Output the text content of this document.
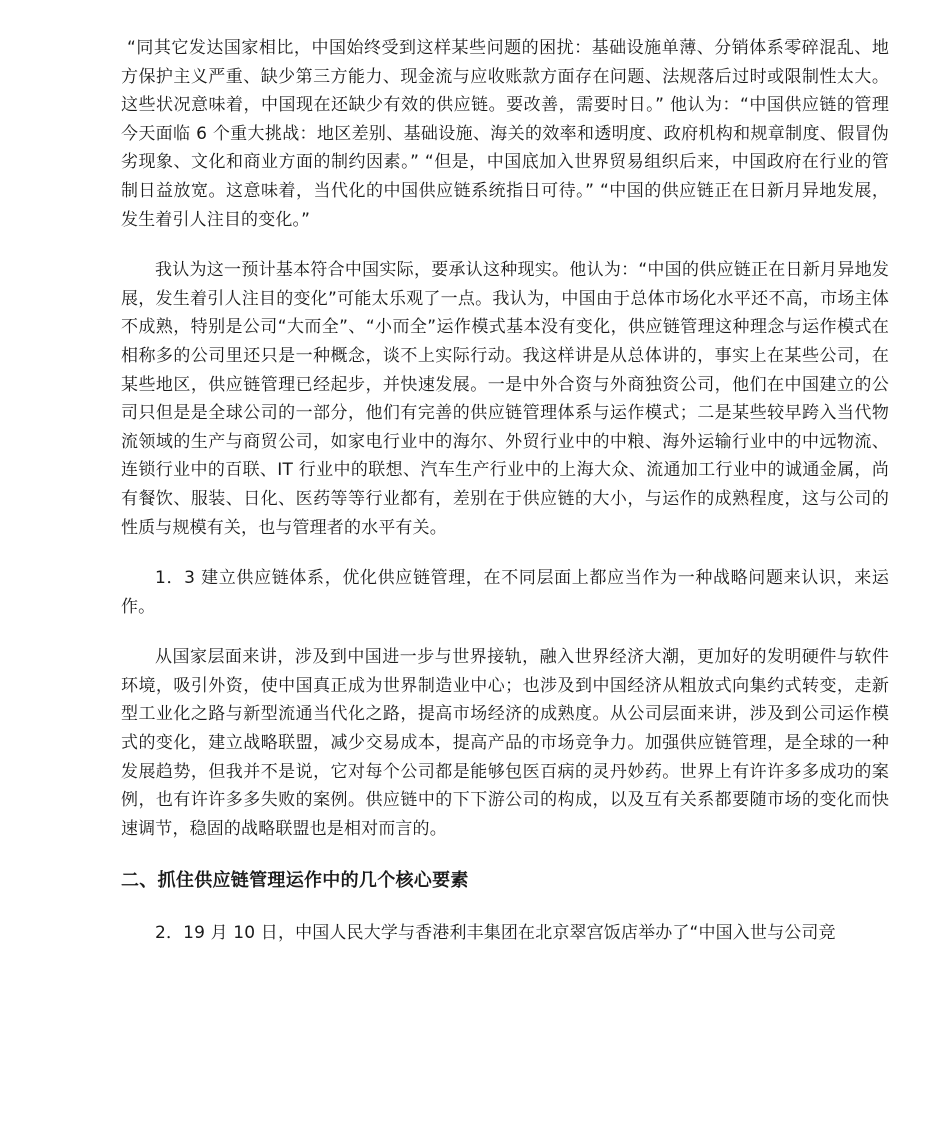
“同其它发达国家相比，中国始终受到这样某些问题的困扰：基础设施单薄、分销体系零碎混乱、地方保护主义严重、缺少第三方能力、现金流与应收账款方面存在问题、法规落后过时或限制性太大。这些状况意味着，中国现在还缺少有效的供应链。要改善，需要时日。” 他认为：“中国供应链的管理今天面临 6 个重大挑战：地区差别、基础设施、海关的效率和透明度、政府机构和规章制度、假冒伪劣现象、文化和商业方面的制约因素。” “但是，中国底加入世界贸易组织后来，中国政府在行业的管制日益放宽。这意味着，当代化的中国供应链系统指日可待。” “中国的供应链正在日新月异地发展，发生着引人注目的变化。”

我认为这一预计基本符合中国实际，要承认这种现实。他认为：“中国的供应链正在日新月异地发展，发生着引人注目的变化”可能太乐观了一点。我认为，中国由于总体市场化水平还不高，市场主体不成熟，特别是公司“大而全”、“小而全”运作模式基本没有变化，供应链管理这种理念与运作模式在相称多的公司里还只是一种概念，谈不上实际行动。我这样讲是从总体讲的，事实上在某些公司，在某些地区，供应链管理已经起步，并快速发展。一是中外合资与外商独资公司，他们在中国建立的公司只但是是全球公司的一部分，他们有完善的供应链管理体系与运作模式；二是某些较早跨入当代物流领域的生产与商贸公司，如家电行业中的海尔、外贸行业中的中粮、海外运输行业中的中远物流、连锁行业中的百联、IT 行业中的联想、汽车生产行业中的上海大众、流通加工行业中的诚通金属，尚有餐饮、服装、日化、医药等等行业都有，差别在于供应链的大小，与运作的成熟程度，这与公司的性质与规模有关，也与管理者的水平有关。

1．3 建立供应链体系，优化供应链管理，在不同层面上都应当作为一种战略问题来认识，来运作。

从国家层面来讲，涉及到中国进一步与世界接轨，融入世界经济大潮，更加好的发明硬件与软件环境，吸引外资，使中国真正成为世界制造业中心；也涉及到中国经济从粗放式向集约式转变，走新型工业化之路与新型流通当代化之路，提高市场经济的成熟度。从公司层面来讲，涉及到公司运作模式的变化，建立战略联盟，减少交易成本，提高产品的市场竞争力。加强供应链管理，是全球的一种发展趋势，但我并不是说，它对每个公司都是能够包医百病的灵丹妙药。世界上有许许多多成功的案例，也有许许多多失败的案例。供应链中的下下游公司的构成，以及互有关系都要随市场的变化而快速调节，稳固的战略联盟也是相对而言的。

二、抓住供应链管理运作中的几个核心要素

2．19 月 10 日，中国人民大学与香港利丰集团在北京翠宫饭店举办了“中国入世与公司竞
